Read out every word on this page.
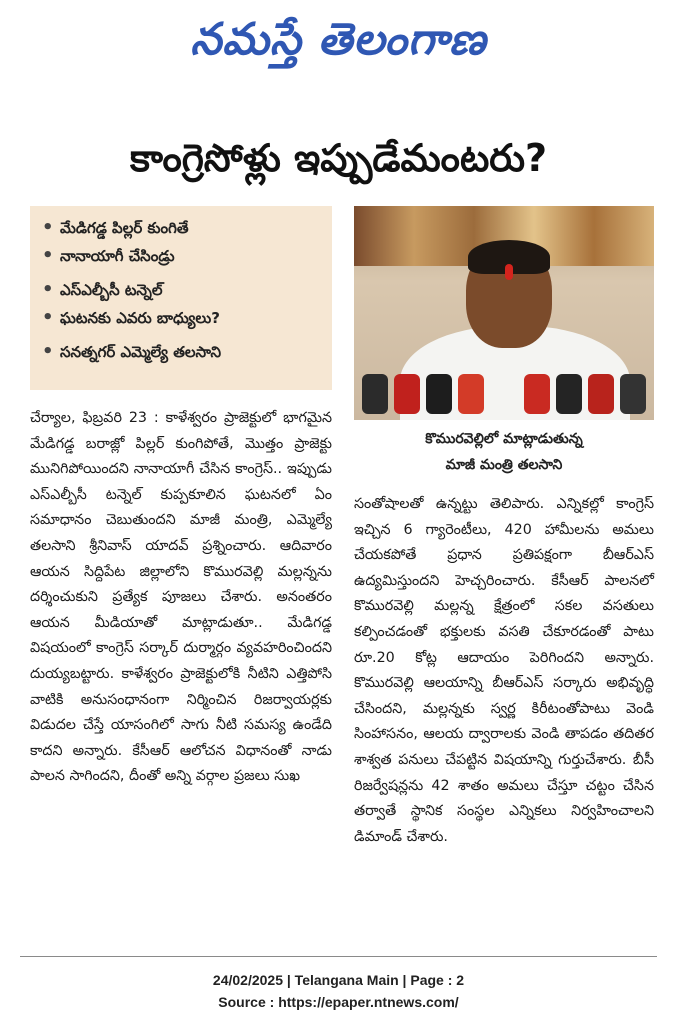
నమస్తే తెలంగాణ
కాంగ్రెసోళ్లు ఇప్పుడేమంటరు?
• మేడిగడ్డ పిల్లర్ కుంగితే
• నానాయాగీ చేసిండ్రు
• ఎస్ఎల్బీసీ టన్నెల్
• ఘటనకు ఎవరు బాధ్యులు?
• సనత్నగర్ ఎమ్మెల్యే తలసాని
కొమురవెల్లిలో మాట్లాడుతున్న
మాజీ మంత్రి తలసాని

చేర్యాల, ఫిబ్రవరి 23 : కాళేశ్వరం ప్రాజెక్టులో భాగమైన మేడిగడ్డ బరాజ్లో పిల్లర్ కుంగిపోతే, మొత్తం ప్రాజెక్టు మునిగిపోయిందని నానాయాగీ చేసిన కాంగ్రెస్.. ఇప్పుడు ఎస్ఎల్బీసీ టన్నెల్ కుప్పకూలిన ఘటనలో ఏం సమాధానం చెబుతుందని మాజీ మంత్రి, ఎమ్మెల్యే తలసాని శ్రీనివాస్ యాదవ్ ప్రశ్నించారు. ఆదివారం ఆయన సిద్దిపేట జిల్లాలోని కొమురవెల్లి మల్లన్నను దర్శించుకుని ప్రత్యేక పూజలు చేశారు. అనంతరం ఆయన మీడియాతో మాట్లాడుతూ.. మేడిగడ్డ విషయంలో కాంగ్రెస్ సర్కార్ దుర్మార్గం వ్యవహరించిందని దుయ్యబట్టారు. కాళేశ్వరం ప్రాజెక్టులోకి నీటిని ఎత్తిపోసి వాటికి అనుసంధానంగా నిర్మించిన రిజర్వాయర్లకు విడుదల చేస్తే యాసంగిలో సాగు నీటి సమస్య ఉండేది కాదని అన్నారు. కేసీఆర్ ఆలోచన విధానంతో నాడు పాలన సాగిందని, దీంతో అన్ని వర్గాల ప్రజలు సుఖ

సంతోషాలతో ఉన్నట్టు తెలిపారు. ఎన్నికల్లో కాంగ్రెస్ ఇచ్చిన 6 గ్యారెంటీలు, 420 హామీలను అమలు చేయకపోతే ప్రధాన ప్రతిపక్షంగా బీఆర్ఎస్ ఉద్యమిస్తుందని హెచ్చరించారు. కేసీఆర్ పాలనలో కొమురవెల్లి మల్లన్న క్షేత్రంలో సకల వసతులు కల్పించడంతో భక్తులకు వసతి చేకూరడంతో పాటు రూ.20 కోట్ల ఆదాయం పెరిగిందని అన్నారు. కొమురవెల్లి ఆలయాన్ని బీఆర్ఎస్ సర్కారు అభివృద్ధి చేసిందని, మల్లన్నకు స్వర్ణ కిరీటంతోపాటు వెండి సింహాసనం, ఆలయ ద్వారాలకు వెండి తాపడం తదితర శాశ్వత పనులు చేపట్టిన విషయాన్ని గుర్తుచేశారు. బీసీ రిజర్వేషన్లను 42 శాతం అమలు చేస్తూ చట్టం చేసిన తర్వాతే స్థానిక సంస్థల ఎన్నికలు నిర్వహించాలని డిమాండ్ చేశారు.

24/02/2025 | Telangana Main | Page : 2
Source : https://epaper.ntnews.com/
